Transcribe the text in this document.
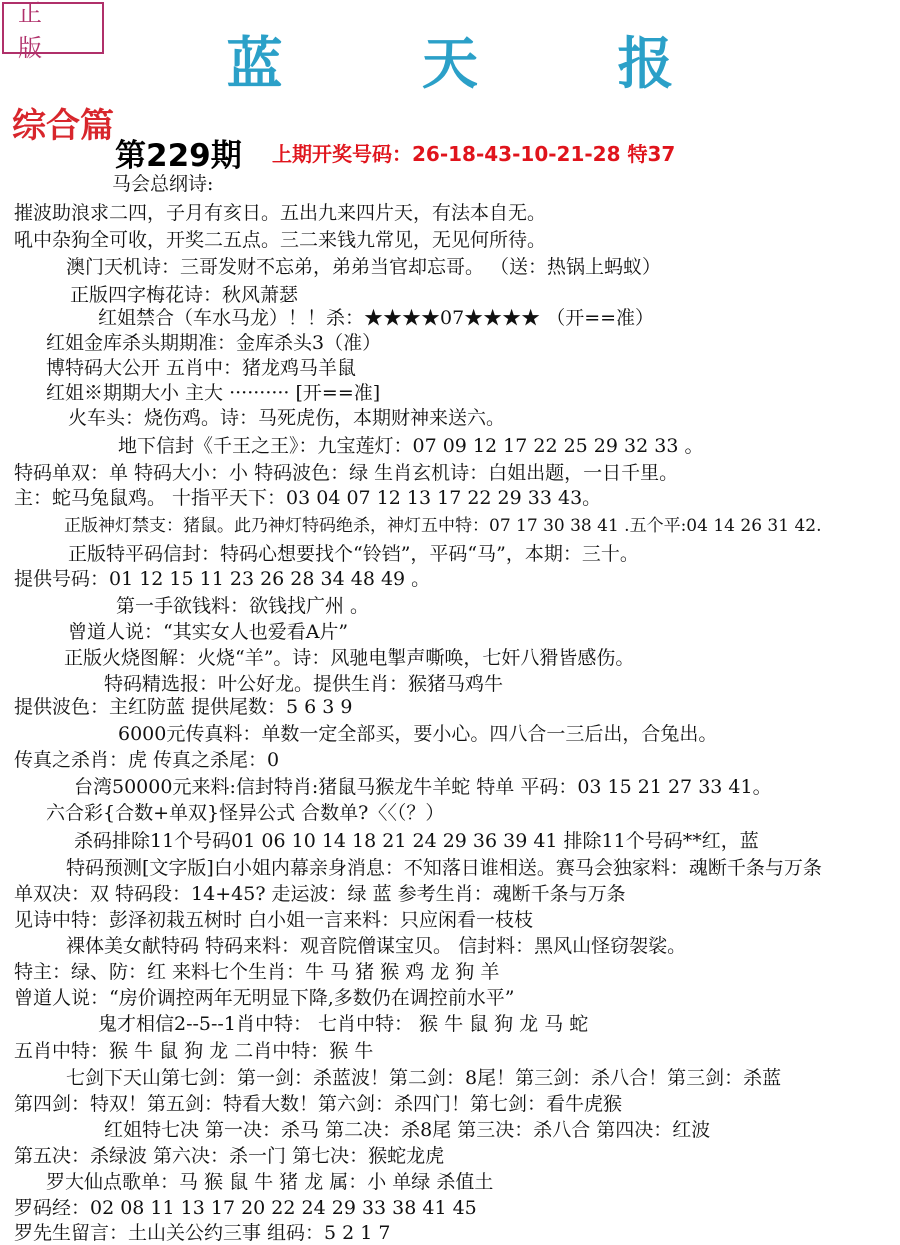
正 版	蓝 天 报
综合篇
第229期 上期开奖号码：26-18-43-10-21-28 特37
马会总纲诗:
摧波助浪求二四，子月有亥日。五出九来四片天，有法本自无。
吼中杂狗全可收，开奖二五点。三二来钱九常见，无见何所待。
澳门天机诗：三哥发财不忘弟，弟弟当官却忘哥。 （送：热锅上蚂蚁）
正版四字梅花诗：秋风萧瑟
红姐禁合（车水马龙）！！杀：★★★★07★★★★ （开==准）
红姐金库杀头期期准：金库杀头3（准）
博特码大公开 五肖中：猪龙鸡马羊鼠
红姐※期期大小 主大 ·········· [开==准]
火车头：烧伤鸡。诗：马死虎伤，本期财神来送六。
地下信封《千王之王》：九宝莲灯：07 09 12 17 22 25 29 32 33 。
特码单双：单 特码大小：小 特码波色：绿 生肖玄机诗：白姐出题，一日千里。
主：蛇马兔鼠鸡。 十指平天下：03 04 07 12 13 17 22 29 33 43。
正版神灯禁支：猪鼠。此乃神灯特码绝杀，神灯五中特：07 17 30 38 41 .五个平:04 14 26 31 42.
正版特平码信封：特码心想要找个“铃铛”，平码“马”，本期：三十。
提供号码：01 12 15 11 23 26 28 34 48 49 。
第一手欲钱料：欲钱找广州 。
曾道人说：“其实女人也爱看A片”
正版火烧图解：火烧“羊”。诗：风驰电掣声嘶唤，七奸八猾皆感伤。
特码精选报：叶公好龙。提供生肖：猴猪马鸡牛
提供波色：主红防蓝 提供尾数：5 6 3 9
6000元传真料：单数一定全部买，要小心。四八合一三后出，合兔出。
传真之杀肖：虎 传真之杀尾：0
台湾50000元来料:信封特肖:猪鼠马猴龙牛羊蛇 特单 平码：03 15 21 27 33 41。
六合彩{合数+单双}怪异公式 合数单?〈〈（？）
杀码排除11个号码01 06 10 14 18 21 24 29 36 39 41 排除11个号码**红，蓝
特码预测[文字版]白小姐内幕亲身消息：不知落日谁相送。赛马会独家料：魂断千条与万条
单双决：双 特码段：14+45? 走运波：绿 蓝 参考生肖：魂断千条与万条
见诗中特：彭泽初栽五树时 白小姐一言来料：只应闲看一枝枝
裸体美女献特码 特码来料：观音院僧谋宝贝。 信封料：黑风山怪窃袈裟。
特主：绿、防：红 来料七个生肖：牛 马 猪 猴 鸡 龙 狗 羊
曾道人说：“房价调控两年无明显下降,多数仍在调控前水平”
鬼才相信2--5--1肖中特： 七肖中特： 猴 牛 鼠 狗 龙 马 蛇
五肖中特：猴 牛 鼠 狗 龙 二肖中特：猴 牛
七剑下天山第七剑：第一剑：杀蓝波！第二剑：8尾！第三剑：杀八合！第三剑：杀蓝
第四剑：特双！第五剑：特看大数！第六剑：杀四门！第七剑：看牛虎猴
红姐特七决 第一决：杀马 第二决：杀8尾 第三决：杀八合 第四决：红波
第五决：杀绿波 第六决：杀一门 第七决：猴蛇龙虎
罗大仙点歌单：马 猴 鼠 牛 猪 龙 属：小 单绿 杀值土
罗码经：02 08 11 13 17 20 22 24 29 33 38 41 45
罗先生留言：土山关公约三事 组码：5 2 1 7
